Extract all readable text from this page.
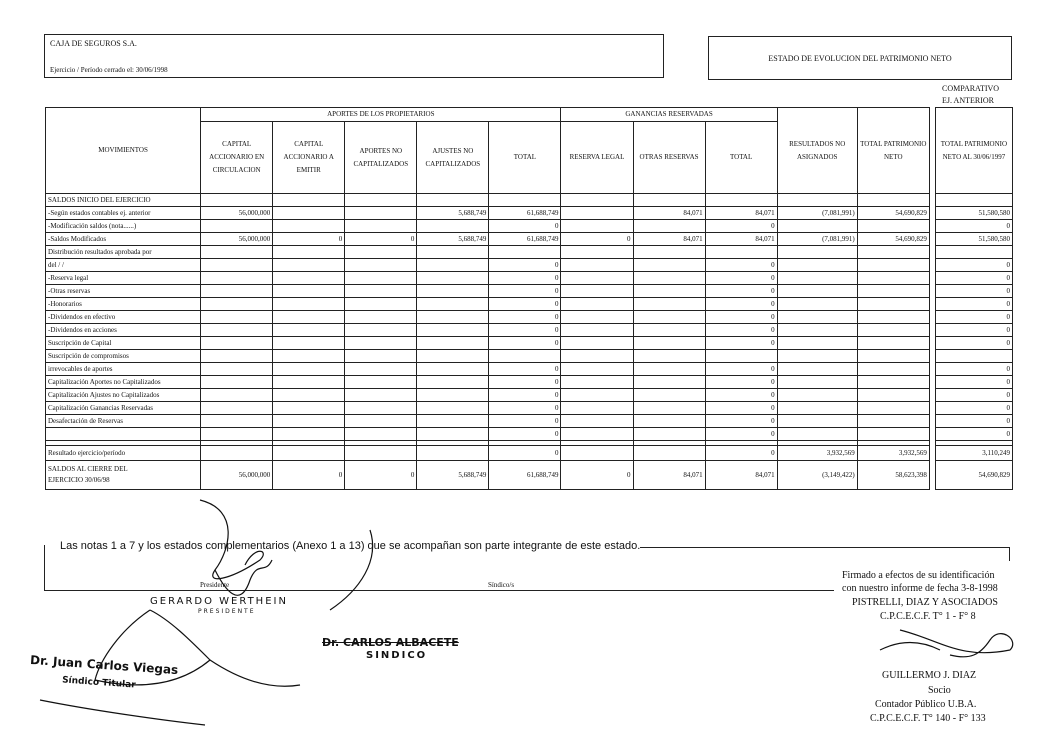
CAJA DE SEGUROS S.A.
Ejercicio / Período cerrado el: 30/06/1998
ESTADO DE EVOLUCION DEL PATRIMONIO NETO
COMPARATIVO
EJ. ANTERIOR
MOVIMIENTOS	APORTES DE LOS PROPIETARIOS					GANANCIAS RESERVADAS			RESULTADOS NO ASIGNADOS	TOTAL PATRIMONIO NETO		TOTAL PATRIMONIO NETO AL 30/06/1997
	CAPITAL ACCIONARIO EN CIRCULACION	CAPITAL ACCIONARIO A EMITIR	APORTES NO CAPITALIZADOS	AJUSTES NO CAPITALIZADOS	TOTAL	RESERVA LEGAL	OTRAS RESERVAS	TOTAL				
SALDOS INICIO DEL EJERCICIO												
-Según estados contables ej. anterior	56,000,000			5,688,749	61,688,749		84,071	84,071	(7,081,991)	54,690,829		51,580,580
-Modificación saldos (nota......)					0			0				0
-Saldos Modificados	56,000,000	0	0	5,688,749	61,688,749	0	84,071	84,071	(7,081,991)	54,690,829		51,580,580
Distribución resultados aprobada por												
del / /					0			0				0
-Reserva legal					0			0				0
-Otras reservas					0			0				0
-Honorarios					0			0				0
-Dividendos en efectivo					0			0				0
-Dividendos en acciones					0			0				0
Suscripción de Capital					0			0				0
Suscripción de compromisos												
irrevocables de aportes					0			0				0
Capitalización Aportes no Capitalizados					0			0				0
Capitalización Ajustes no Capitalizados					0			0				0
Capitalización Ganancias Reservadas					0			0				0
Desafectación de Reservas					0			0				0
					0			0				0

Resultado ejercicio/período					0			0	3,932,569	3,932,569		3,110,249

SALDOS AL CIERRE DEL
EJERCICIO 30/06/98	56,000,000	0	0	5,688,749	61,688,749	0	84,071	84,071	(3,149,422)	58,623,398		54,690,829
Las notas 1 a 7 y los estados complementarios (Anexo 1 a 13) que se acompañan son parte integrante de este estado.
Presidente	Síndico/s
GERARDO WERTHEIN
PRESIDENTE
Dr. CARLOS ALBACETE
SINDICO
Dr. Juan Carlos Viegas
Síndico Titular
Firmado a efectos de su identificación
con nuestro informe de fecha 3-8-1998
PISTRELLI, DIAZ Y ASOCIADOS
C.P.C.E.C.F. T° 1 - F° 8
GUILLERMO J. DIAZ
Socio
Contador Público U.B.A.
C.P.C.E.C.F. T° 140 - F° 133
